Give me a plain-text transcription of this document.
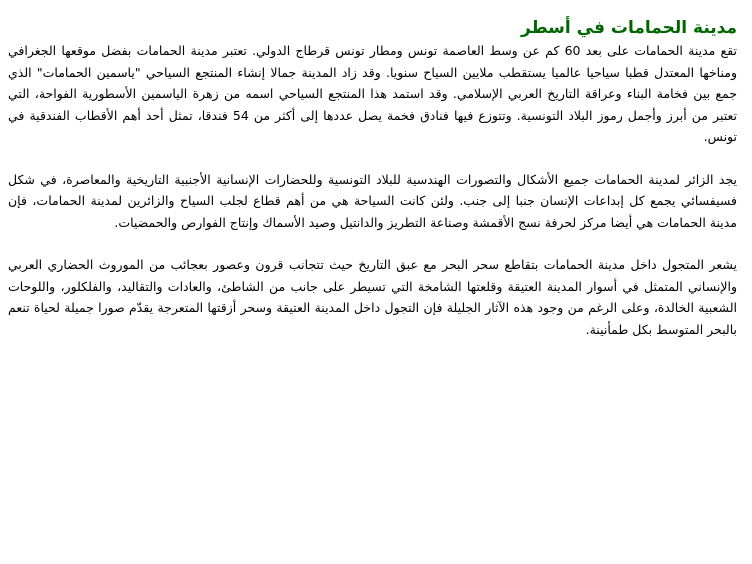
مدينة الحمامات في أسطر

تقع مدينة الحمامات على بعد 60 كم عن وسط العاصمة تونس ومطار تونس قرطاج الدولي. تعتبر مدينة الحمامات بفضل موقعها الجغرافي ومناخها المعتدل قطبا سياحيا عالميا يستقطب ملايين السياح سنويا. وقد زاد المدينة جمالا إنشاء المنتجع السياحي "ياسمين الحمامات" الذي جمع بين فخامة البناء وعراقة التاريخ العربي الإسلامي. وقد استمد هذا المنتجع السياحي اسمه من زهرة الياسمين الأسطورية الفواحة، التي تعتبر من أبرز وأجمل رموز البلاد التونسية. وتتوزع فيها فنادق فخمة يصل عددها إلى أكثر من 54 فندقا، تمثل أحد أهم الأقطاب الفندقية في تونس.

يجد الزائر لمدينة الحمامات جميع الأشكال والتصورات الهندسية للبلاد التونسية وللحضارات الإنسانية الأجنبية التاريخية والمعاصرة، في شكل فسيفسائي يجمع كل إبداعات الإنسان جنبا إلى جنب. ولئن كانت السياحة هي من أهم قطاع لجلب السياح والزائرين لمدينة الحمامات، فإن مدينة الحمامات هي أيضا مركز لحرفة نسج الأقمشة وصناعة التطريز والدانتيل وصيد الأسماك وإنتاج الفوارص والحمضيات.

يشعر المتجول داخل مدينة الحمامات بتقاطع سحر البحر مع عبق التاريخ حيث تتجانب قرون وعصور بعجائب من الموروث الحضاري العربي والإنساني المتمثل في أسوار المدينة العتيقة وقلعتها الشامخة التي تسيطر على جانب من الشاطئ، والعادات والتقاليد، والفلكلور، واللوحات الشعبية الخالدة، وعلى الرغم من وجود هذه الآثار الجليلة فإن التجول داخل المدينة العتيقة وسحر أزقتها المتعرجة يقدّم صورا جميلة لحياة تنعم بالبحر المتوسط بكل طمأنينة.
